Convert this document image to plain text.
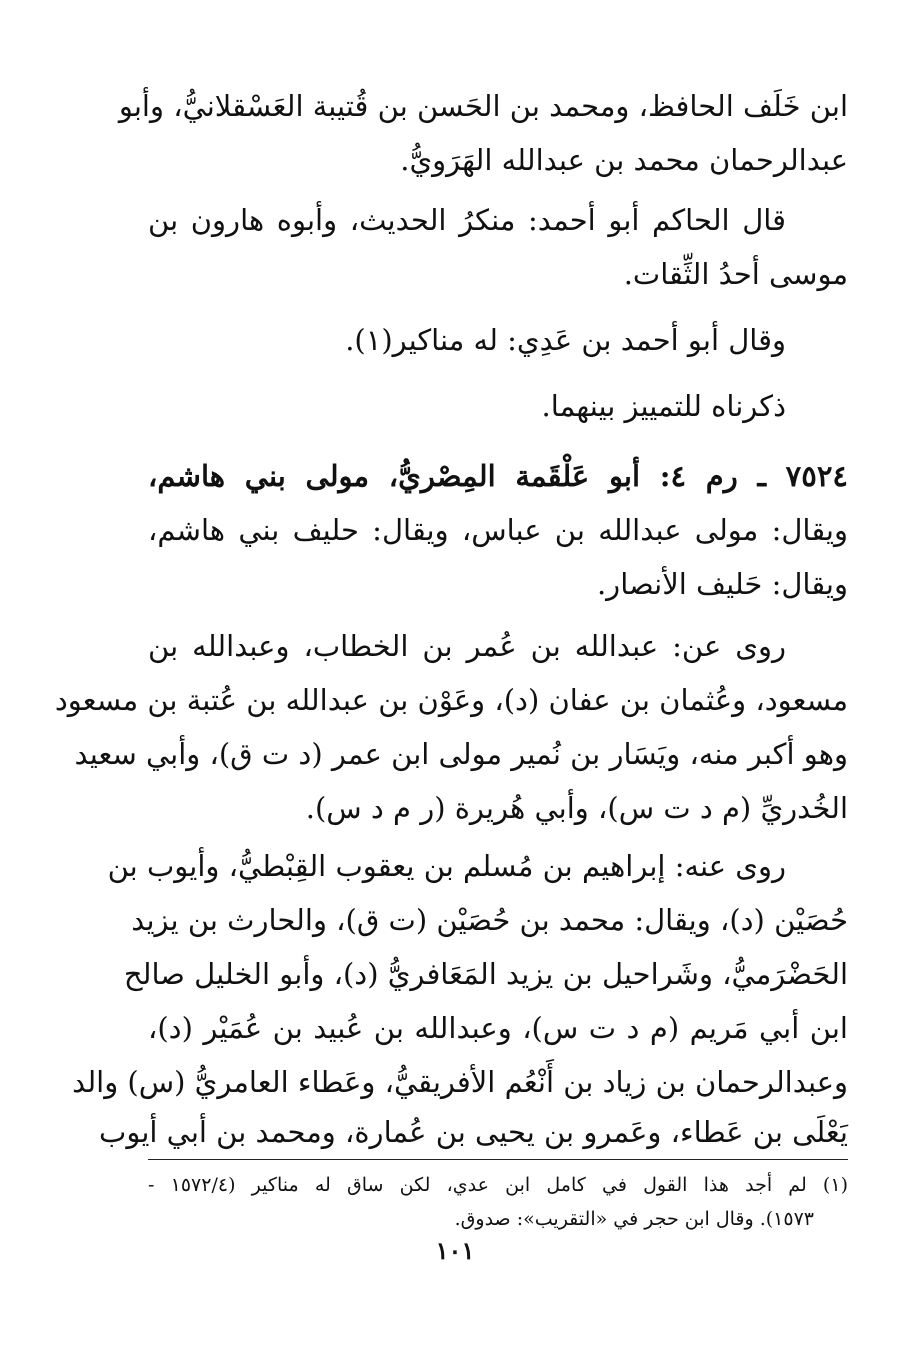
ابن خَلَف الحافظ، ومحمد بن الحَسن بن قُتيبة العَسْقلانيُّ، وأبو
عبدالرحمان محمد بن عبدالله الهَرَويُّ.
قال الحاكم أبو أحمد: منكرُ الحديث، وأبوه هارون بن
موسى أحدُ الثِّقات.
وقال أبو أحمد بن عَدِي: له مناكير(١).
ذكرناه للتمييز بينهما.
٧٥٢٤ ـ رم ٤: أبو عَلْقَمة المِصْريُّ، مولى بني هاشم،
ويقال: مولى عبدالله بن عباس، ويقال: حليف بني هاشم،
ويقال: حَليف الأنصار.
روى عن: عبدالله بن عُمر بن الخطاب، وعبدالله بن
مسعود، وعُثمان بن عفان (د)، وعَوْن بن عبدالله بن عُتبة بن مسعود
وهو أكبر منه، ويَسَار بن نُمير مولى ابن عمر (د ت ق)، وأبي سعيد
الخُدريِّ (م د ت س)، وأبي هُريرة (ر م د س).
روى عنه: إبراهيم بن مُسلم بن يعقوب القِبْطيُّ، وأيوب بن
حُصَيْن (د)، ويقال: محمد بن حُصَيْن (ت ق)، والحارث بن يزيد
الحَضْرَميُّ، وشَراحيل بن يزيد المَعَافريُّ (د)، وأبو الخليل صالح
ابن أبي مَريم (م د ت س)، وعبدالله بن عُبيد بن عُمَيْر (د)،
وعبدالرحمان بن زياد بن أَنْعُم الأفريقيُّ، وعَطاء العامريُّ (س) والد
يَعْلَى بن عَطاء، وعَمرو بن يحيى بن عُمارة، ومحمد بن أبي أيوب
(١) لم أجد هذا القول في كامل ابن عدي، لكن ساق له مناكير (١٥٧٢/٤ -
١٥٧٣). وقال ابن حجر في «التقريب»: صدوق.
١٠١
